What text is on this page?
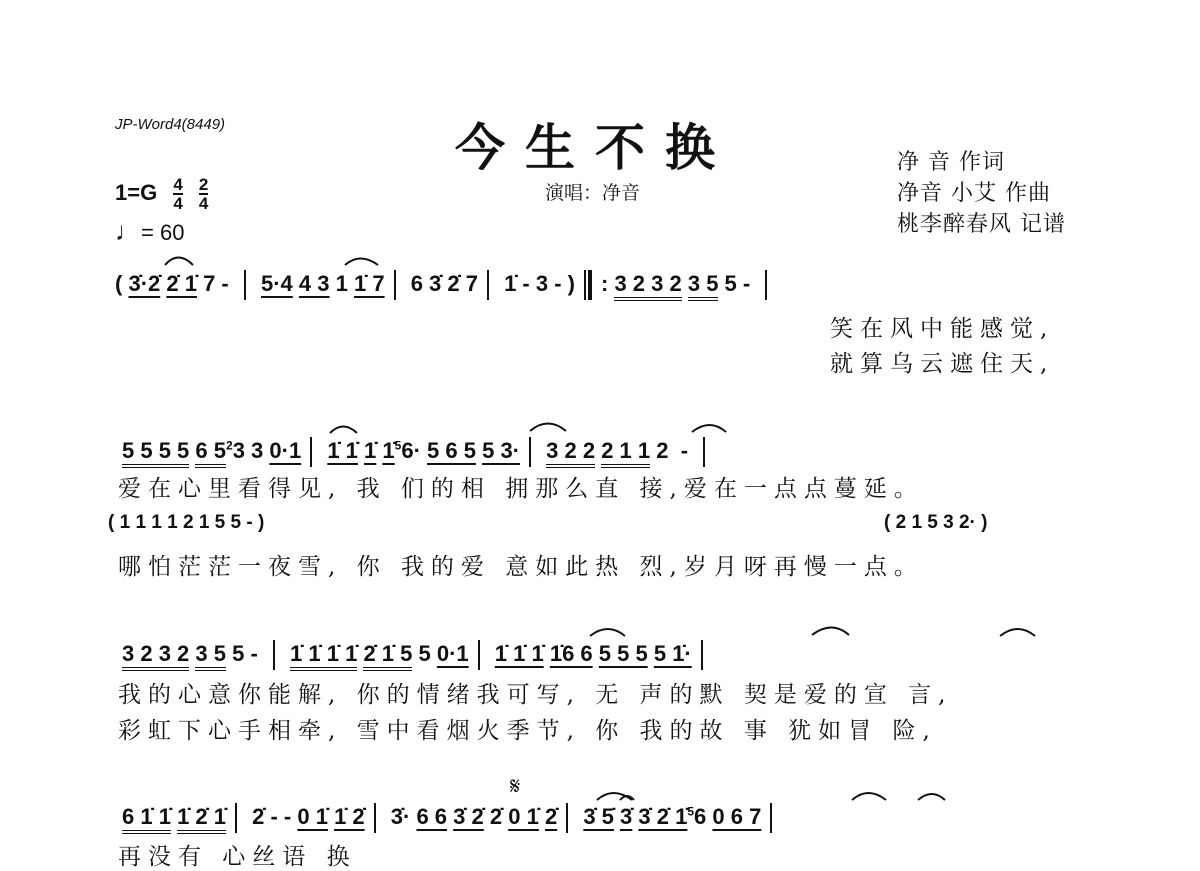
JP-Word4(8449)	今生不换
演唱：净音
净 音 作词
净音 小艾 作曲
桃李醉春风 记谱
$1=G \frac{4}{4}$
$\frac{2}{4}$
♩= 60
( 3̇·2̇ 2̇ 1̇ 7 -  5·4 4 3 1 1̇ 7 6 3̇ 2̇ 7 1̇ - 3 - ) : 3 2 3 2 3 5 5 -
笑在风中能感觉,
就算乌云遮住天,
5 5 5 5 6 $5^23$ 3 0·1 1̇ 1̇ 1̇ 1̇$^5$6· 5 6 5 5 3· 3 2 2 2 1 1 2  -
爱在心里看得见, 我 们的相 拥那么直 接,爱在一点点蔓延。
( 1 1 1 1 2 1 5 5 - )	( 2 1 5 3 2· )
哪怕茫茫一夜雪, 你 我的爱 意如此热 烈,岁月呀再慢一点。
3 2 3 2 3 5 5 -  1̇ 1̇ 1̇ 1̇ 2̇ 1̇ 5 5 0·1 1̇ 1̇ 1̇ 1̇6 6 5 5 5 5 1̇·
我的心意你能解, 你的情绪我可写, 无 声的默 契是爱的宣 言,
彩虹下心手相牵, 雪中看烟火季节, 你 我的故 事 犹如冒 险,
𝄋
6 1̇ 1̇ 1̇ 2̇ 1̇ 2̇ - - 0 1̇ 1̇ 2̇ 3̇· 6 6 3̇ 2̇ 2̇ 0 1̇ 2̇ 3̇ 5̇ 3̇ 3̇ 2̇ 1̇$^5$6 0 6 7
再没有 心丝语 换
